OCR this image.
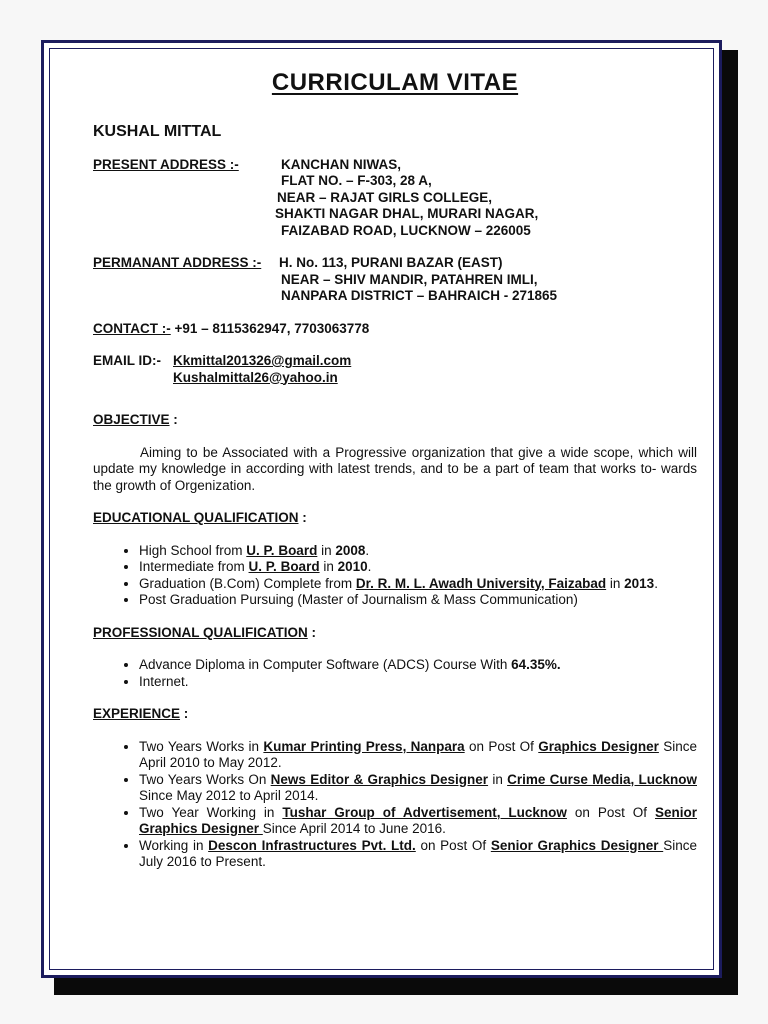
CURRICULAM VITAE
KUSHAL MITTAL
PRESENT ADDRESS :-	KANCHAN NIWAS,
FLAT NO. – F-303, 28 A,
NEAR – RAJAT GIRLS COLLEGE,
SHAKTI NAGAR DHAL, MURARI NAGAR,
FAIZABAD ROAD, LUCKNOW – 226005
PERMANANT ADDRESS :-	H. No. 113, PURANI BAZAR (EAST)
NEAR – SHIV MANDIR, PATAHREN IMLI,
NANPARA DISTRICT – BAHRAICH - 271865
CONTACT :- +91 – 8115362947, 7703063778
EMAIL ID:- Kkmittal201326@gmail.com
Kushalmittal26@yahoo.in
OBJECTIVE :
Aiming to be Associated with a Progressive organization that give a wide scope, which will update my knowledge in according with latest trends, and to be a part of team that works to- wards the growth of Orgenization.
EDUCATIONAL QUALIFICATION :
• High School from U. P. Board in 2008.
• Intermediate from U. P. Board in 2010.
• Graduation (B.Com) Complete from Dr. R. M. L. Awadh University, Faizabad in 2013.
• Post Graduation Pursuing (Master of Journalism & Mass Communication)
PROFESSIONAL QUALIFICATION :
• Advance Diploma in Computer Software (ADCS) Course With 64.35%.
• Internet.
EXPERIENCE :
• Two Years Works in Kumar Printing Press, Nanpara on Post Of Graphics Designer Since April 2010 to May 2012.
• Two Years Works On News Editor & Graphics Designer in Crime Curse Media, Lucknow Since May 2012 to April 2014.
• Two Year Working in Tushar Group of Advertisement, Lucknow on Post Of Senior Graphics Designer Since April 2014 to June 2016.
• Working in Descon Infrastructures Pvt. Ltd. on Post Of Senior Graphics Designer Since July 2016 to Present.
